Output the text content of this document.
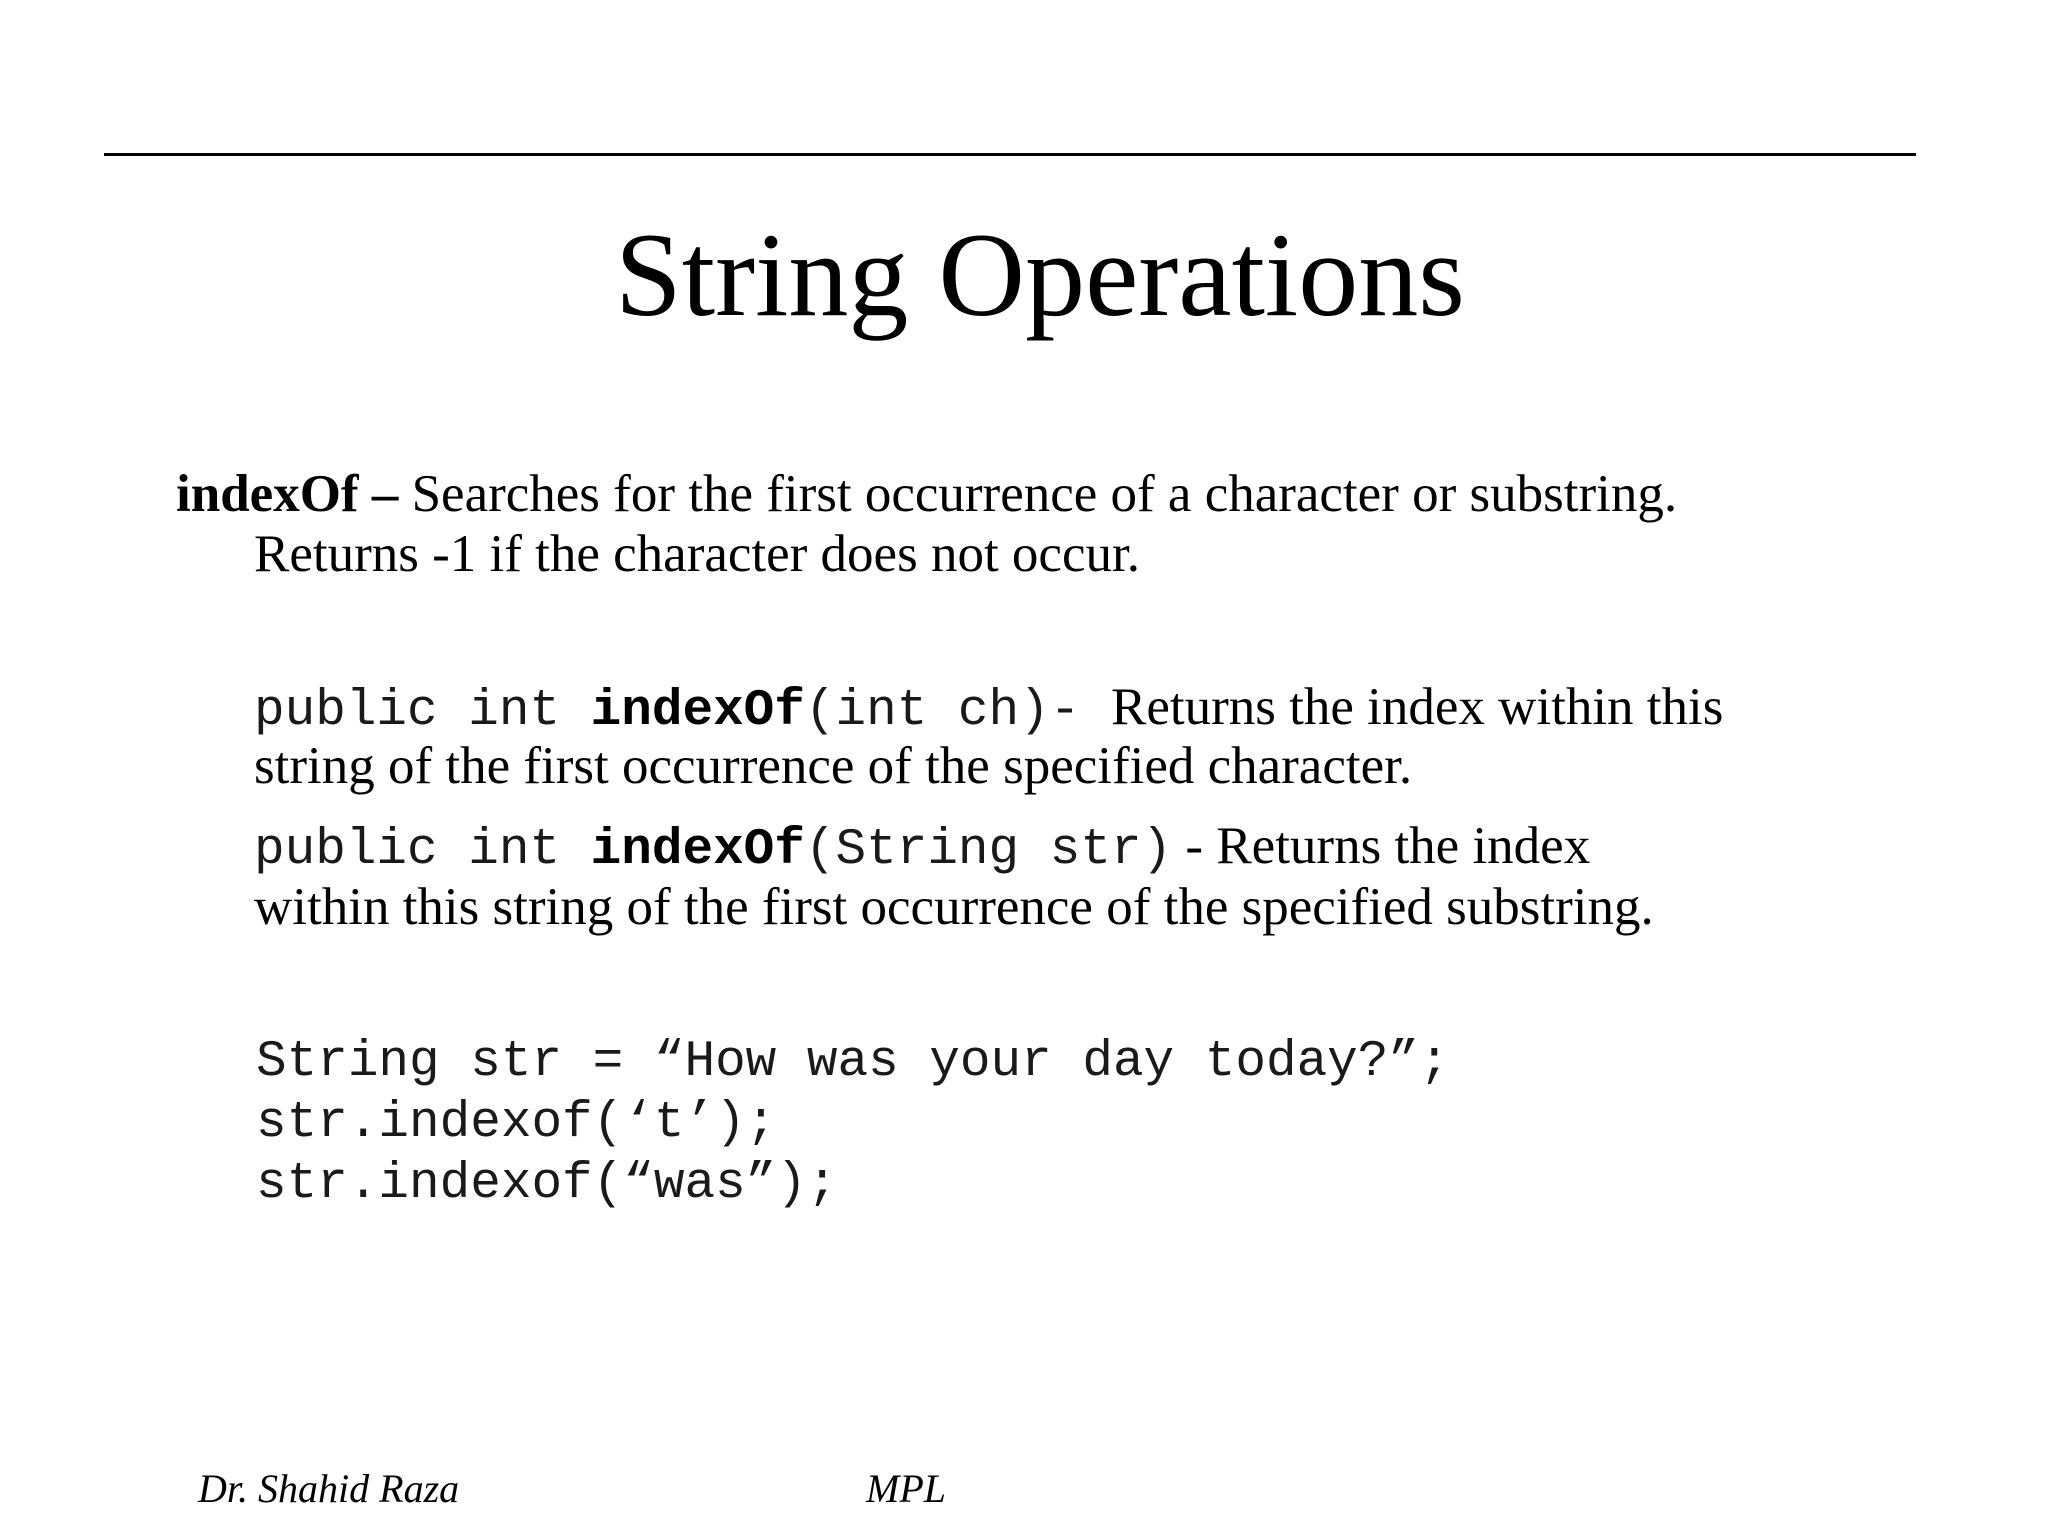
String Operations
indexOf – Searches for the first occurrence of a character or substring.
Returns -1 if the character does not occur.
public int indexOf(int ch)- Returns the index within this
string of the first occurrence of the specified character.
public int indexOf(String str) - Returns the index
within this string of the first occurrence of the specified substring.
String str = “How was your day today?”;
str.indexof(‘t’);
str.indexof(“was”);
Dr. Shahid Raza	MPL
